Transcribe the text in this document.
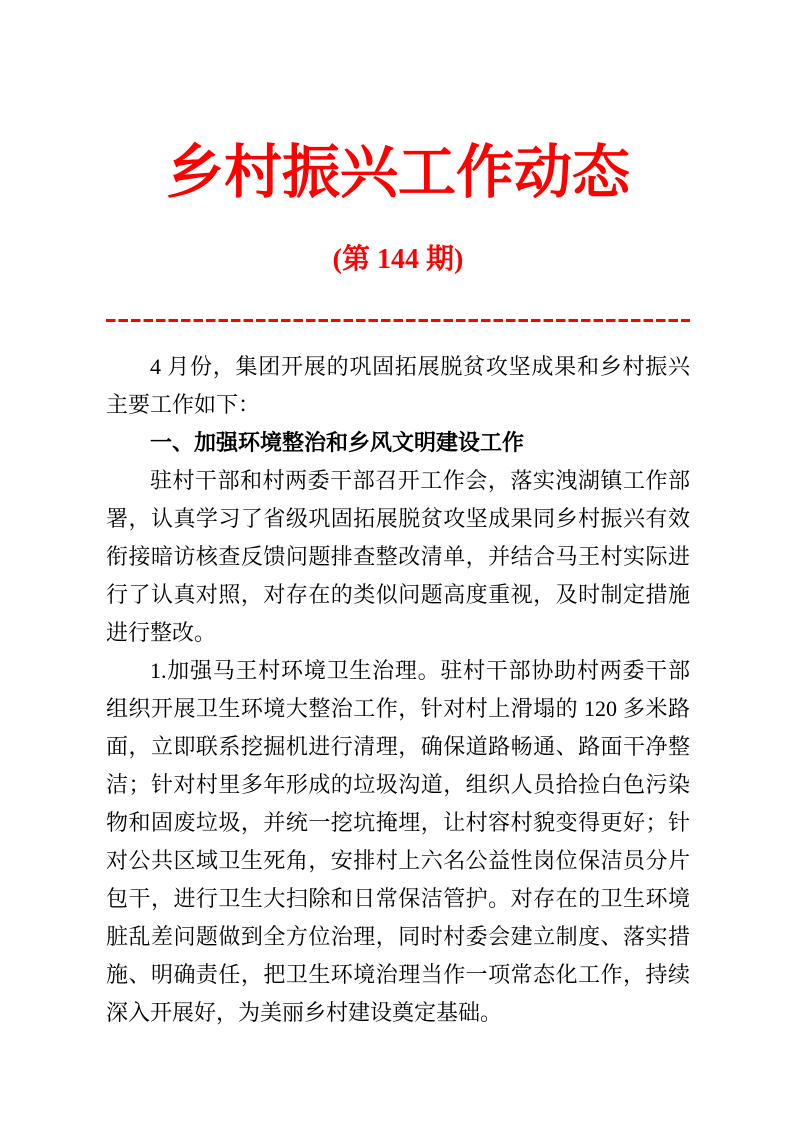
乡村振兴工作动态
(第 144 期)

4 月份，集团开展的巩固拓展脱贫攻坚成果和乡村振兴主要工作如下：

一、加强环境整治和乡风文明建设工作

驻村干部和村两委干部召开工作会，落实洩湖镇工作部署，认真学习了省级巩固拓展脱贫攻坚成果同乡村振兴有效衔接暗访核查反馈问题排查整改清单，并结合马王村实际进行了认真对照，对存在的类似问题高度重视，及时制定措施进行整改。

1.加强马王村环境卫生治理。驻村干部协助村两委干部组织开展卫生环境大整治工作，针对村上滑塌的 120 多米路面，立即联系挖掘机进行清理，确保道路畅通、路面干净整洁；针对村里多年形成的垃圾沟道，组织人员拾捡白色污染物和固废垃圾，并统一挖坑掩埋，让村容村貌变得更好；针对公共区域卫生死角，安排村上六名公益性岗位保洁员分片包干，进行卫生大扫除和日常保洁管护。对存在的卫生环境脏乱差问题做到全方位治理，同时村委会建立制度、落实措施、明确责任，把卫生环境治理当作一项常态化工作，持续深入开展好，为美丽乡村建设奠定基础。
